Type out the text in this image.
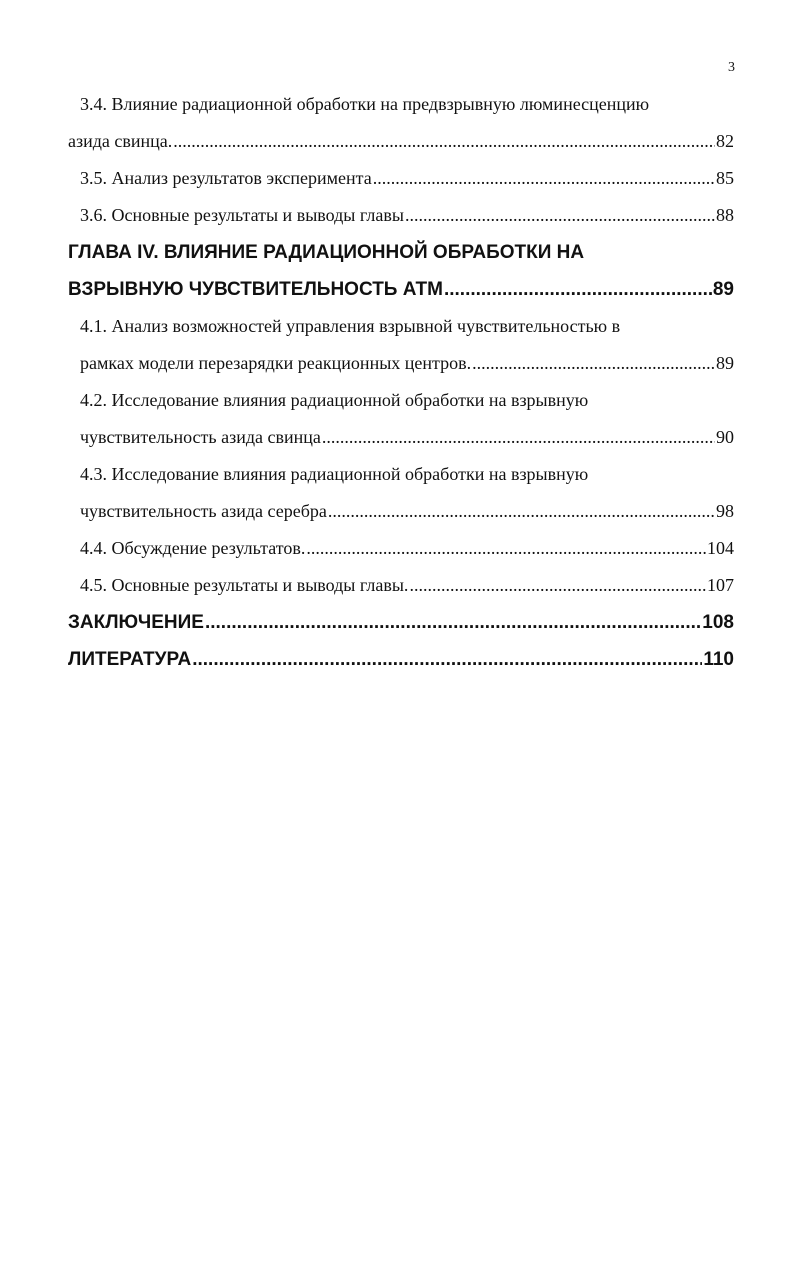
3
3.4. Влияние радиационной обработки на предвзрывную люминесценцию
азида свинца. .....	82
3.5. Анализ результатов эксперимента .....	85
3.6. Основные результаты и выводы главы .....	88
ГЛАВА IV. ВЛИЯНИЕ РАДИАЦИОННОЙ ОБРАБОТКИ НА
ВЗРЫВНУЮ ЧУВСТВИТЕЛЬНОСТЬ АТМ .....	89
4.1. Анализ возможностей управления взрывной чувствительностью в
рамках модели перезарядки реакционных центров. .....	89
4.2. Исследование влияния радиационной обработки на взрывную
чувствительность азида свинца .....	90
4.3. Исследование влияния радиационной обработки на взрывную
чувствительность азида серебра .....	98
4.4. Обсуждение результатов. .....	104
4.5. Основные результаты и выводы главы. .....	107
ЗАКЛЮЧЕНИЕ .....	108
ЛИТЕРАТУРА .....	110
